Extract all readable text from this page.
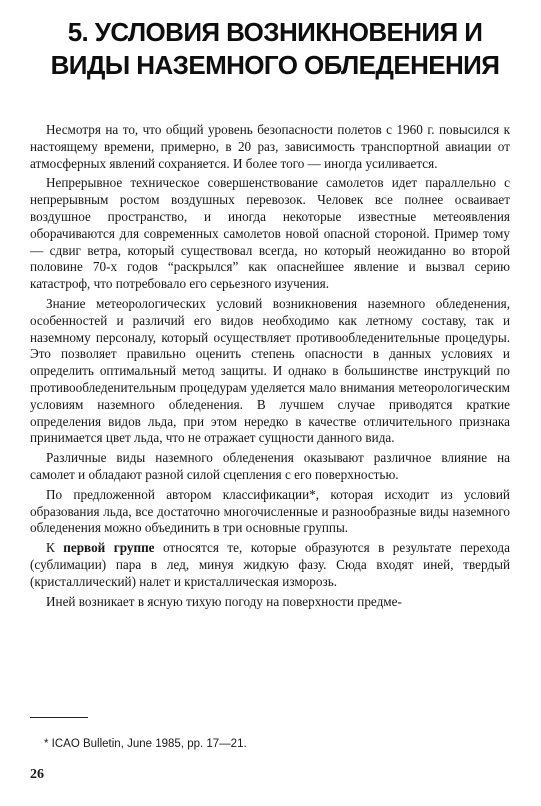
5. УСЛОВИЯ ВОЗНИКНОВЕНИЯ И
ВИДЫ НАЗЕМНОГО ОБЛЕДЕНЕНИЯ

Несмотря на то, что общий уровень безопасности полетов с 1960 г. повысился к настоящему времени, примерно, в 20 раз, зависимость транспортной авиации от атмосферных явлений сохраняется. И более того — иногда усиливается.

Непрерывное техническое совершенствование самолетов идет параллельно с непрерывным ростом воздушных перевозок. Человек все полнее осваивает воздушное пространство, и иногда некоторые известные метеоявления оборачиваются для современных самолетов новой опасной стороной. Пример тому — сдвиг ветра, который существовал всегда, но который неожиданно во второй половине 70-х годов “раскрылся” как опаснейшее явление и вызвал серию катастроф, что потребовало его серьезного изучения.

Знание метеорологических условий возникновения наземного обледенения, особенностей и различий его видов необходимо как летному составу, так и наземному персоналу, который осуществляет противообледенительные процедуры. Это позволяет правильно оценить степень опасности в данных условиях и определить оптимальный метод защиты. И однако в большинстве инструкций по противообледенительным процедурам уделяется мало внимания метеорологическим условиям наземного обледенения. В лучшем случае приводятся краткие определения видов льда, при этом нередко в качестве отличительного признака принимается цвет льда, что не отражает сущности данного вида.

Различные виды наземного обледенения оказывают различное влияние на самолет и обладают разной силой сцепления с его поверхностью.

По предложенной автором классификации*, которая исходит из условий образования льда, все достаточно многочисленные и разнообразные виды наземного обледенения можно объединить в три основные группы.

К первой группе относятся те, которые образуются в результате перехода (сублимации) пара в лед, минуя жидкую фазу. Сюда входят иней, твердый (кристаллический) налет и кристаллическая изморозь.

Иней возникает в ясную тихую погоду на поверхности предме-

* ICAO Bulletin, June 1985, pp. 17—21.
26
